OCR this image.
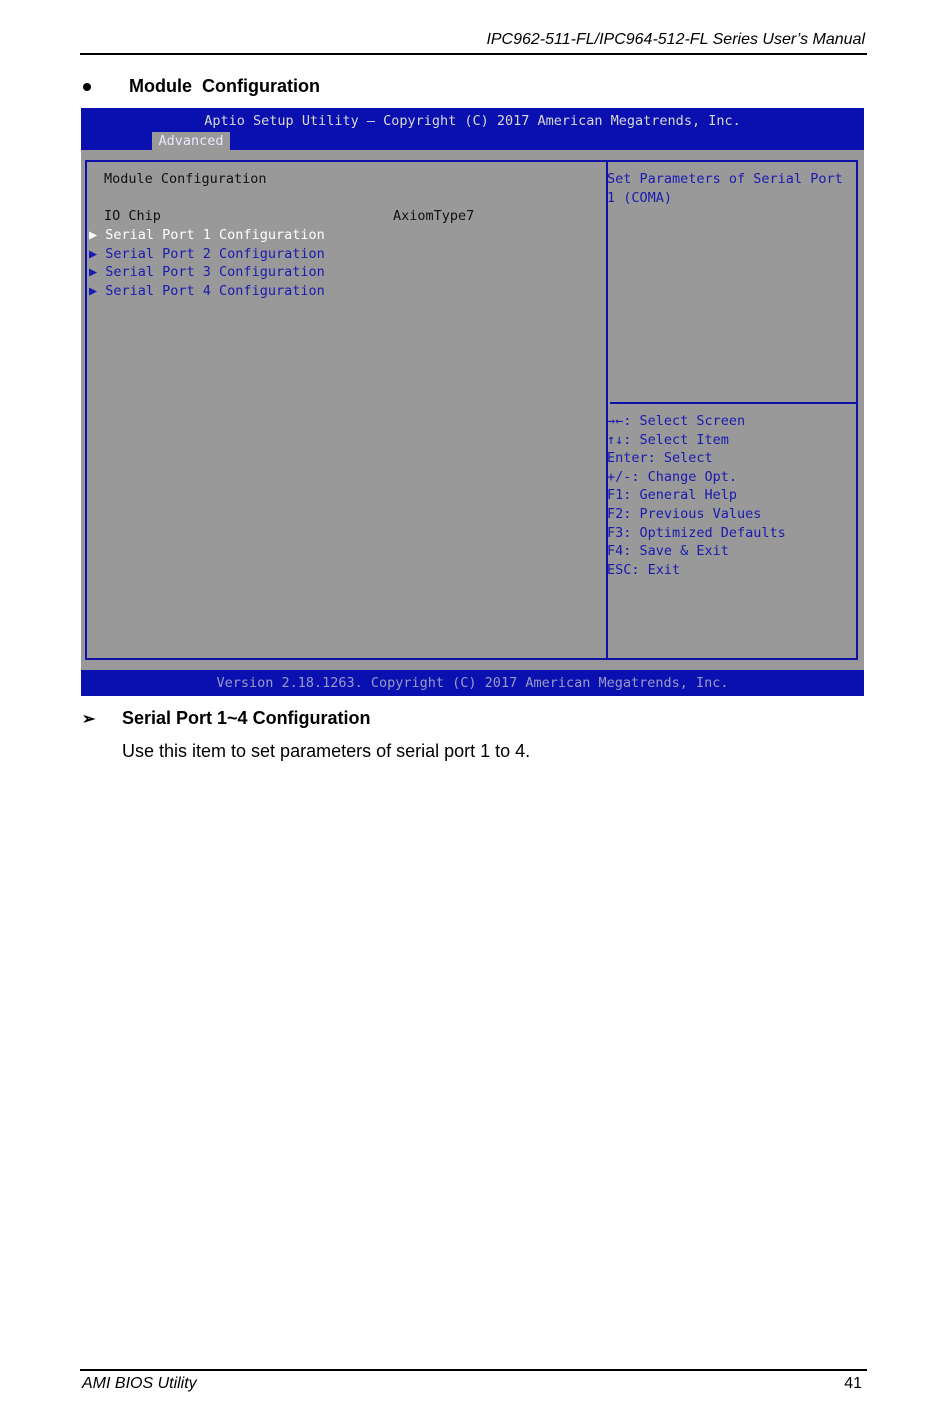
IPC962-511-FL/IPC964-512-FL Series User’s Manual
Module  Configuration
Aptio Setup Utility – Copyright (C) 2017 American Megatrends, Inc.
Advanced
Module Configuration
IO Chip	AxiomType7
▶ Serial Port 1 Configuration
▶ Serial Port 2 Configuration
▶ Serial Port 3 Configuration
▶ Serial Port 4 Configuration
Set Parameters of Serial Port
1 (COMA)
→←: Select Screen
↑↓: Select Item
Enter: Select
+/-: Change Opt.
F1: General Help
F2: Previous Values
F3: Optimized Defaults
F4: Save & Exit
ESC: Exit
Version 2.18.1263. Copyright (C) 2017 American Megatrends, Inc.
➢	Serial Port 1~4 Configuration
Use this item to set parameters of serial port 1 to 4.
AMI BIOS Utility	41
